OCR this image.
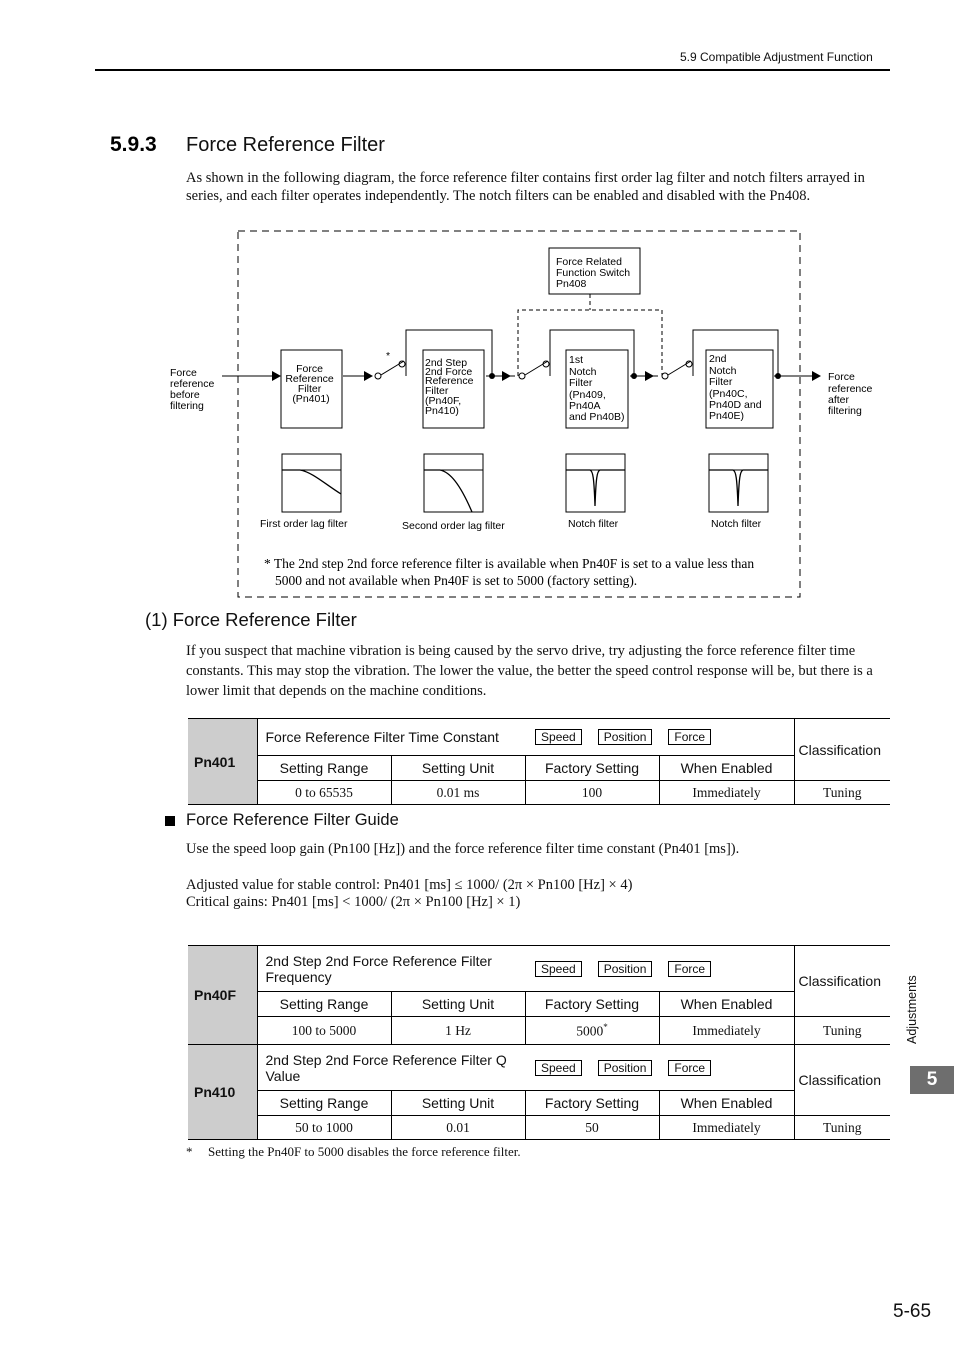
5.9 Compatible Adjustment Function
5.9.3 Force Reference Filter
As shown in the following diagram, the force reference filter contains first order lag filter and notch filters arrayed in series, and each filter operates independently. The notch filters can be enabled and disabled with the Pn408.
Force reference before filtering
Force reference after filtering
*
Force Related Function Switch Pn408
Force Reference Filter (Pn401)
2nd Step 2nd Force Reference Filter (Pn40F, Pn410)
1st Notch Filter (Pn409, Pn40A and Pn40B)
2nd Notch Filter (Pn40C, Pn40D and Pn40E)
First order lag filter	Second order lag filter	Notch filter	Notch filter
* The 2nd step 2nd force reference filter is available when Pn40F is set to a value less than
5000 and not available when Pn40F is set to 5000 (factory setting).
(1) Force Reference Filter
If you suspect that machine vibration is being caused by the servo drive, try adjusting the force reference filter time constants. This may stop the vibration. The lower the value, the better the speed control response will be, but there is a lower limit that depends on the machine conditions.
Pn401	Force Reference Filter Time Constant		Speed Position Force		Classification
	Setting Range	Setting Unit	Factory Setting	When Enabled	
	0 to 65535	0.01 ms	100	Immediately	Tuning
Force Reference Filter Guide
Use the speed loop gain (Pn100 [Hz]) and the force reference filter time constant (Pn401 [ms]).
Adjusted value for stable control: Pn401 [ms] ≤ 1000/ (2π × Pn100 [Hz] × 4)
Critical gains: Pn401 [ms] < 1000/ (2π × Pn100 [Hz] × 1)
Pn40F	2nd Step 2nd Force Reference Filter Frequency		Speed Position Force		Classification
	Setting Range	Setting Unit	Factory Setting	When Enabled	
	100 to 5000	1 Hz	5000*	Immediately	Tuning
Pn410	2nd Step 2nd Force Reference Filter Q Value		Speed Position Force		Classification
	Setting Range	Setting Unit	Factory Setting	When Enabled	
	50 to 1000	0.01	50	Immediately	Tuning
* Setting the Pn40F to 5000 disables the force reference filter.
Adjustments
5
5-65
